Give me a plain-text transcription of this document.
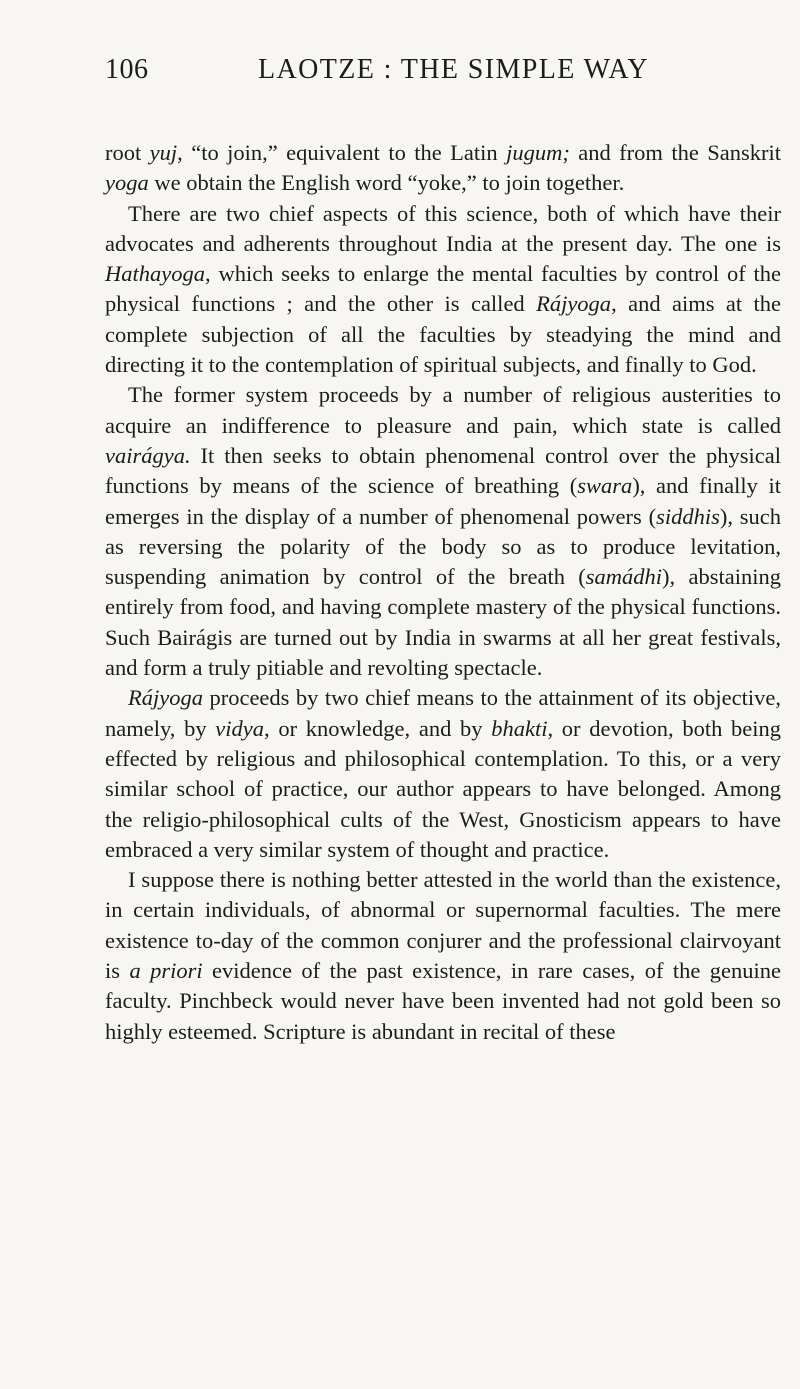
106	LAOTZE : THE SIMPLE WAY

root yuj, “to join,” equivalent to the Latin jugum; and from the Sanskrit yoga we obtain the English word “yoke,” to join together.

There are two chief aspects of this science, both of which have their advocates and adherents throughout India at the present day. The one is Hathayoga, which seeks to enlarge the mental faculties by control of the physical functions ; and the other is called Rájyoga, and aims at the complete subjection of all the faculties by steadying the mind and directing it to the contemplation of spiritual subjects, and finally to God.

The former system proceeds by a number of religious austerities to acquire an indifference to pleasure and pain, which state is called vairágya. It then seeks to obtain phenomenal control over the physical functions by means of the science of breathing (swara), and finally it emerges in the display of a number of phenomenal powers (siddhis), such as reversing the polarity of the body so as to produce levitation, suspending animation by control of the breath (samádhi), abstaining entirely from food, and having complete mastery of the physical functions. Such Bairágis are turned out by India in swarms at all her great festivals, and form a truly pitiable and revolting spectacle.

Rájyoga proceeds by two chief means to the attainment of its objective, namely, by vidya, or knowledge, and by bhakti, or devotion, both being effected by religious and philosophical contemplation. To this, or a very similar school of practice, our author appears to have belonged. Among the religio-philosophical cults of the West, Gnosticism appears to have embraced a very similar system of thought and practice.

I suppose there is nothing better attested in the world than the existence, in certain individuals, of abnormal or supernormal faculties. The mere existence to-day of the common conjurer and the professional clairvoyant is a priori evidence of the past existence, in rare cases, of the genuine faculty. Pinchbeck would never have been invented had not gold been so highly esteemed. Scripture is abundant in recital of these
